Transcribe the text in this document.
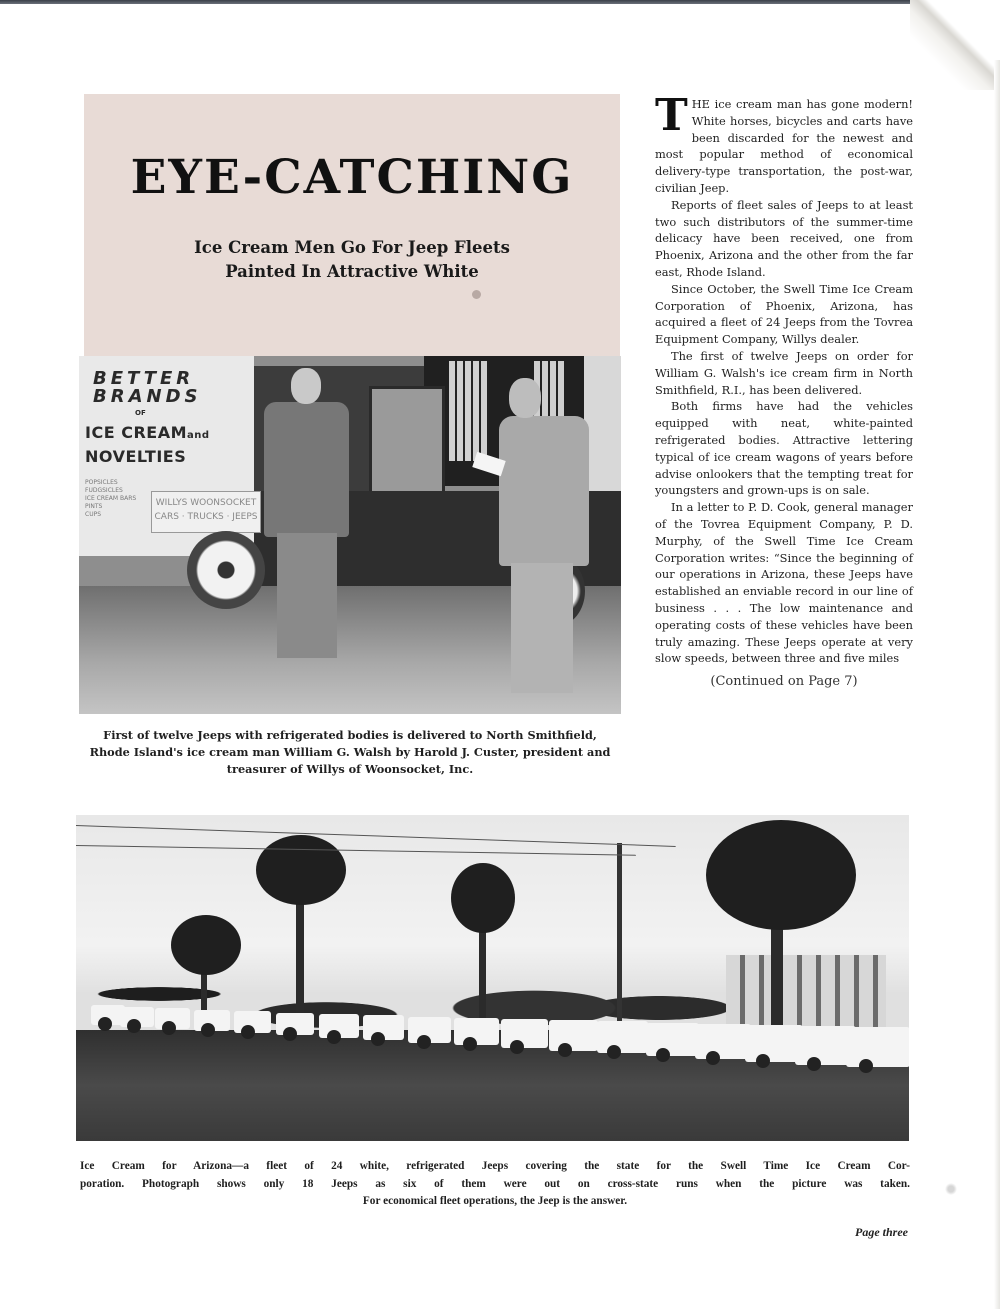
EYE-CATCHING
Ice Cream Men Go For Jeep Fleets
Painted In Attractive White
BETTER
BRANDS
OF
ICE CREAMand
NOVELTIES
POPSICLES
FUDGSICLES
ICE CREAM BARS
PINTS
CUPS
WILLYS WOONSOCKET
CARS · TRUCKS · JEEPS
First of twelve Jeeps with refrigerated bodies is delivered to North Smithfield, Rhode Island's ice cream man William G. Walsh by Harold J. Custer, president and treasurer of Willys of Woonsocket, Inc.

THE ice cream man has gone modern! White horses, bicycles and carts have been discarded for the newest and most popular method of economical delivery-type transportation, the post-war, civilian Jeep.

Reports of fleet sales of Jeeps to at least two such distributors of the summer-time delicacy have been received, one from Phoenix, Arizona and the other from the far east, Rhode Island.

Since October, the Swell Time Ice Cream Corporation of Phoenix, Arizona, has acquired a fleet of 24 Jeeps from the Tovrea Equipment Company, Willys dealer.

The first of twelve Jeeps on order for William G. Walsh's ice cream firm in North Smithfield, R.I., has been delivered.

Both firms have had the vehicles equipped with neat, white-painted refrigerated bodies. Attractive lettering typical of ice cream wagons of years before advise onlookers that the tempting treat for youngsters and grown-ups is on sale.

In a letter to P. D. Cook, general manager of the Tovrea Equipment Company, P. D. Murphy, of the Swell Time Ice Cream Corporation writes: “Since the beginning of our operations in Arizona, these Jeeps have established an enviable record in our line of business . . . The low maintenance and operating costs of these vehicles have been truly amazing. These Jeeps operate at very slow speeds, between three and five miles

(Continued on Page 7)
Ice Cream for Arizona—a fleet of 24 white, refrigerated Jeeps covering the state for the Swell Time Ice Cream Cor-
poration. Photograph shows only 18 Jeeps as six of them were out on cross-state runs when the picture was taken.
For economical fleet operations, the Jeep is the answer.
Page three
